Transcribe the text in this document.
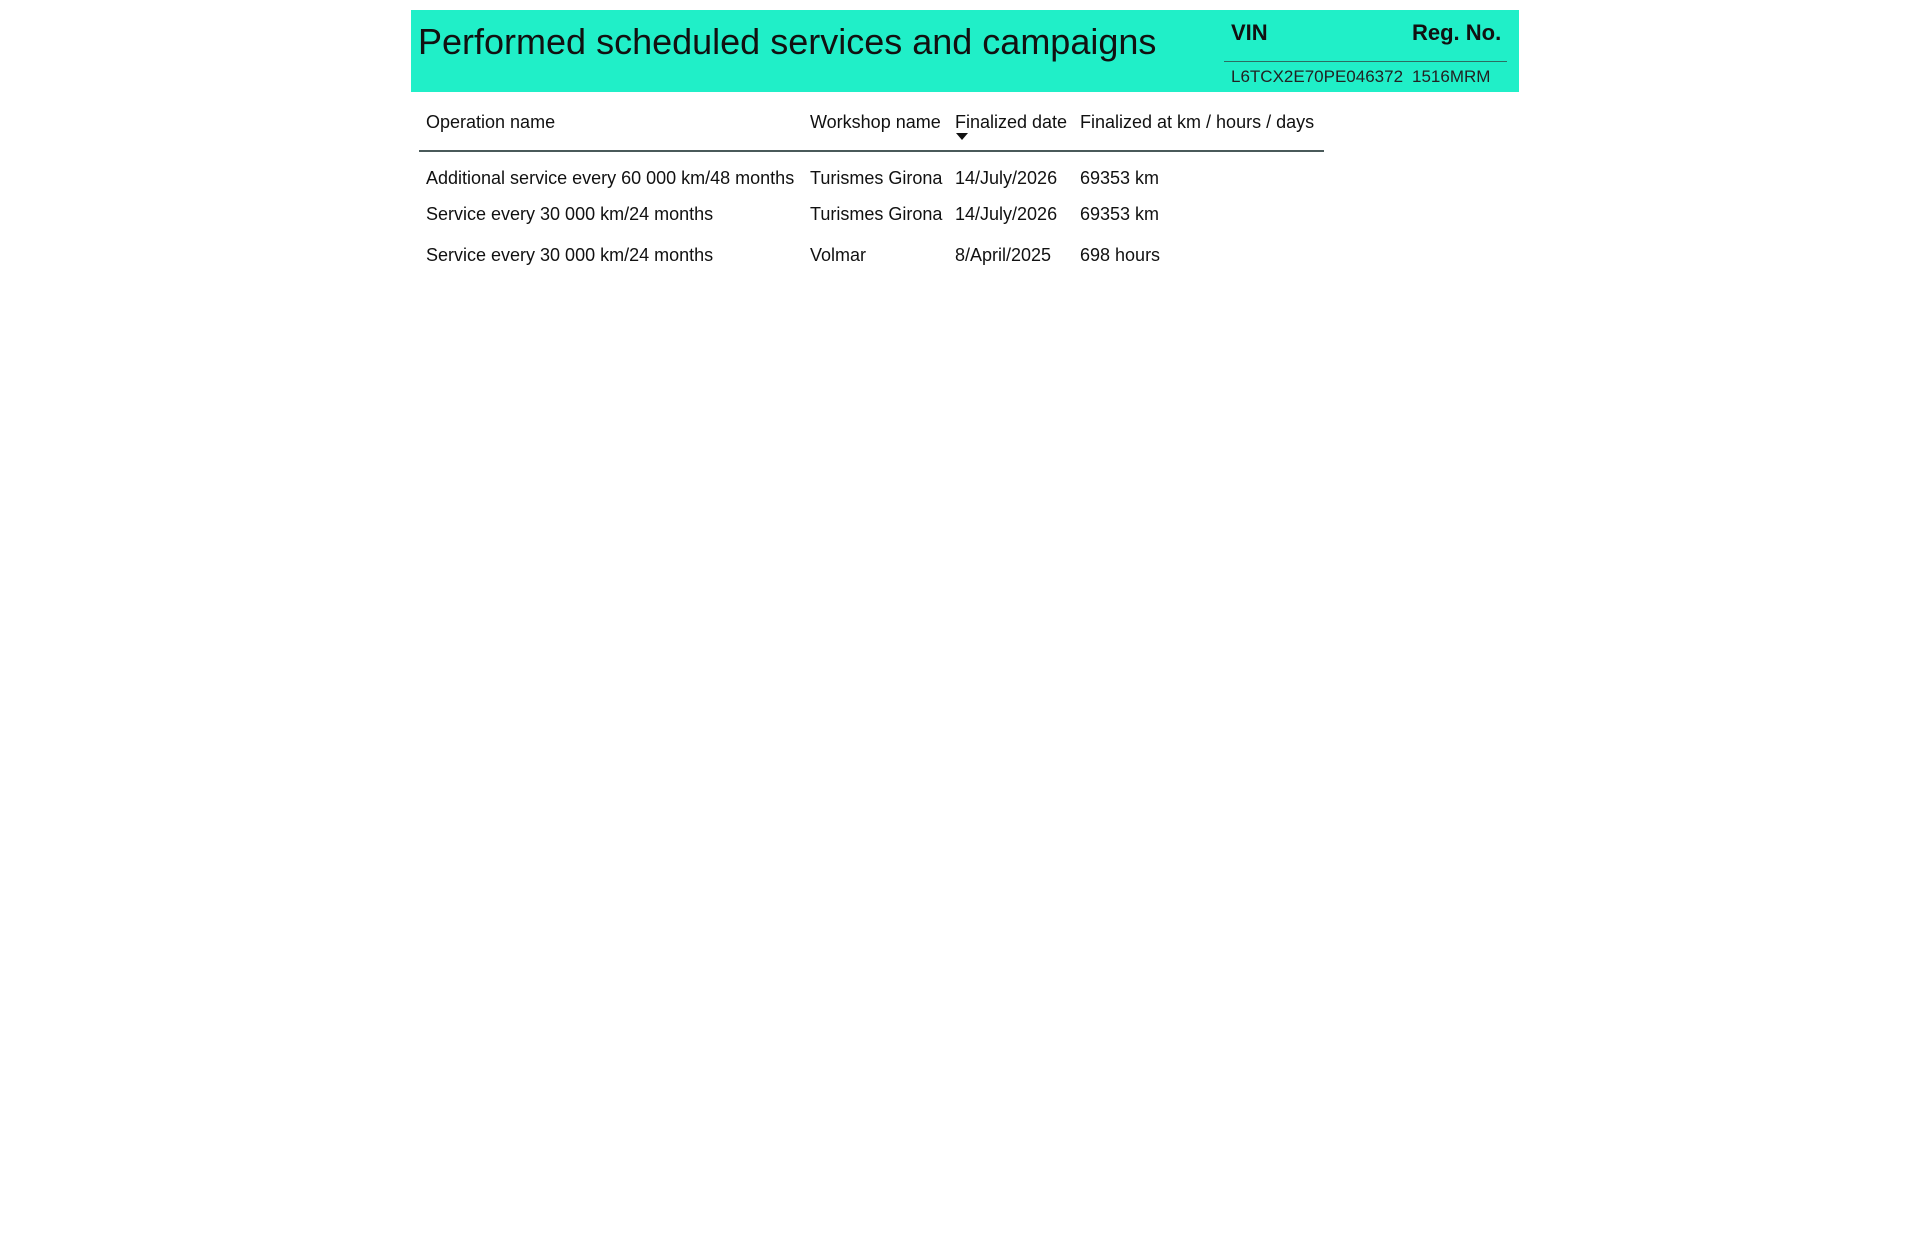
Performed scheduled services and campaigns	VIN	Reg. No.
L6TCX2E70PE046372 1516MRM
Operation name	Workshop name	Finalized date	Finalized at km / hours / days
Additional service every 60 000 km/48 months	Turismes Girona	14/July/2026	69353 km
Service every 30 000 km/24 months	Turismes Girona	14/July/2026	69353 km
Service every 30 000 km/24 months	Volmar	8/April/2025	698 hours
